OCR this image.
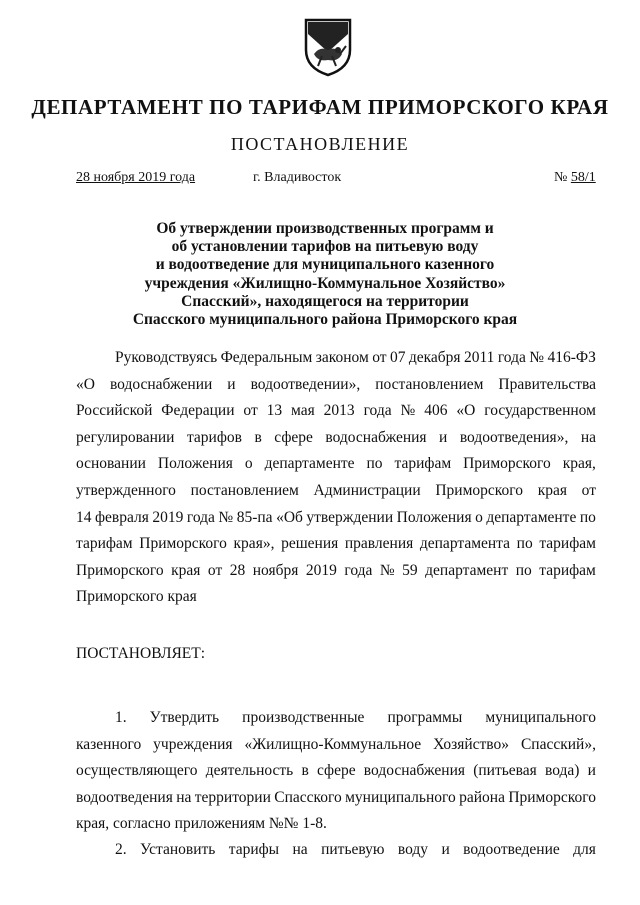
ДЕПАРТАМЕНТ ПО ТАРИФАМ ПРИМОРСКОГО КРАЯ
ПОСТАНОВЛЕНИЕ
28 ноября 2019 года	г. Владивосток	№ 58/1
Об утверждении производственных программ и
об установлении тарифов на питьевую воду
и водоотведение для муниципального казенного
учреждения «Жилищно-Коммунальное Хозяйство»
Спасский», находящегося на территории
Спасского муниципального района Приморского края
Руководствуясь Федеральным законом от 07 декабря 2011 года № 416-ФЗ
«О водоснабжении и водоотведении», постановлением Правительства
Российской Федерации от 13 мая 2013 года № 406 «О государственном
регулировании тарифов в сфере водоснабжения и водоотведения», на
основании Положения о департаменте по тарифам Приморского края,
утвержденного постановлением Администрации Приморского края от
14 февраля 2019 года № 85-па «Об утверждении Положения о департаменте по
тарифам Приморского края», решения правления департамента по тарифам
Приморского края от 28 ноября 2019 года № 59 департамент по тарифам
Приморского края
ПОСТАНОВЛЯЕТ:
1. Утвердить производственные программы муниципального
казенного учреждения «Жилищно-Коммунальное Хозяйство» Спасский»,
осуществляющего деятельность в сфере водоснабжения (питьевая вода) и
водоотведения на территории Спасского муниципального района Приморского
края, согласно приложениям №№ 1-8.
2. Установить тарифы на питьевую воду и водоотведение для
